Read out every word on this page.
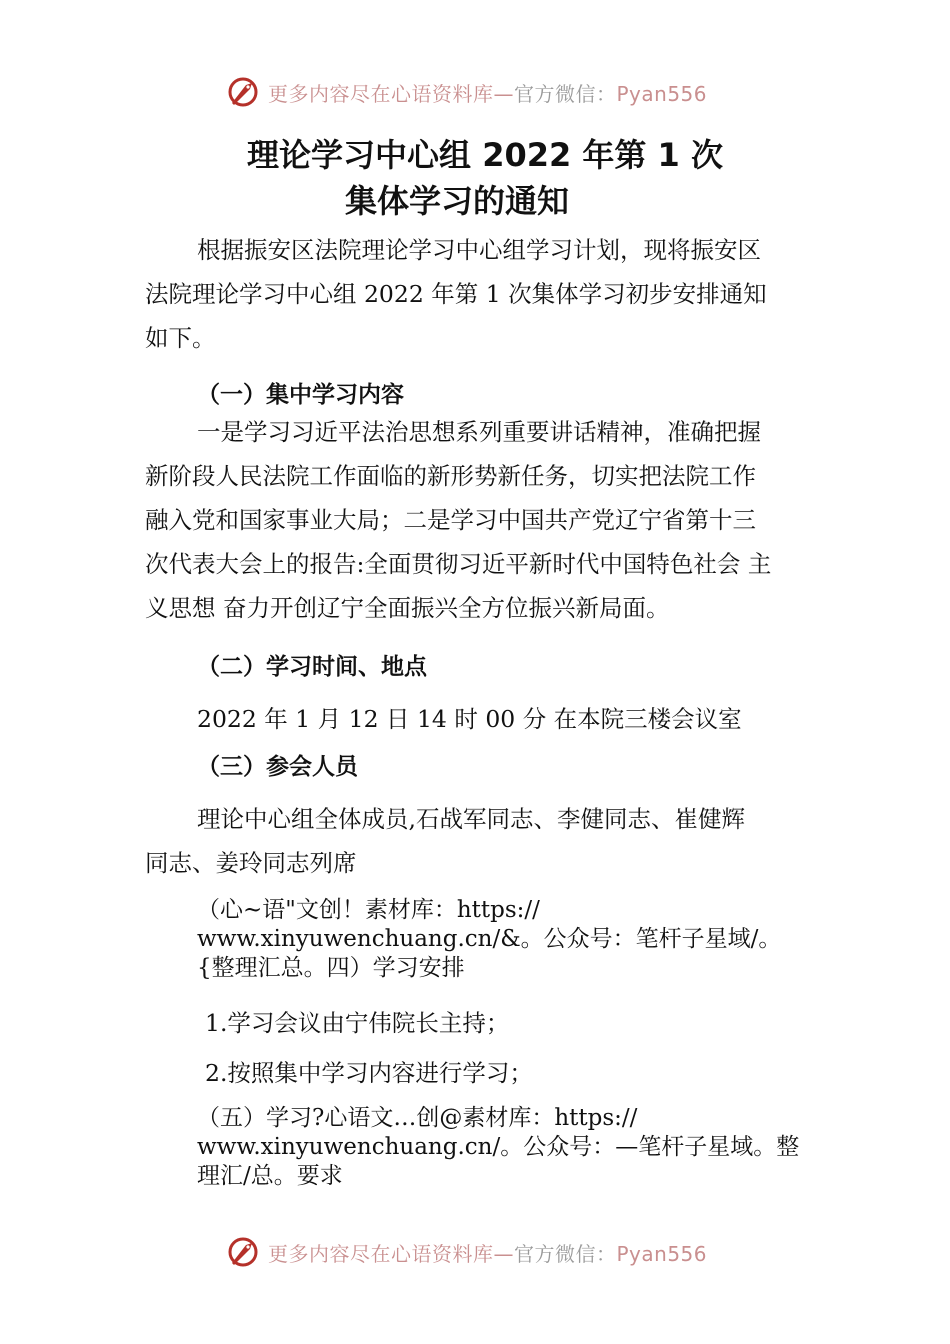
更多内容尽在心语资料库—官方微信：Pyan556
理论学习中心组 2022 年第 1 次
集体学习的通知
根据振安区法院理论学习中心组学习计划，现将振安区
法院理论学习中心组 2022 年第 1 次集体学习初步安排通知
如下。
（一）集中学习内容
一是学习习近平法治思想系列重要讲话精神，准确把握
新阶段人民法院工作面临的新形势新任务，切实把法院工作
融入党和国家事业大局；二是学习中国共产党辽宁省第十三
次代表大会上的报告:全面贯彻习近平新时代中国特色社会 主
义思想 奋力开创辽宁全面振兴全方位振兴新局面。
（二）学习时间、地点
2022 年 1 月 12 日 14 时 00 分 在本院三楼会议室
（三）参会人员
理论中心组全体成员,石战军同志、李健同志、崔健辉
同志、姜玲同志列席
（心~语"文创！素材库：https://
www.xinyuwenchuang.cn/&。公众号：笔杆子星域/。
{整理汇总。四）学习安排
1.学习会议由宁伟院长主持；
2.按照集中学习内容进行学习；
（五）学习?心语文…创@素材库：https://
www.xinyuwenchuang.cn/。公众号：—笔杆子星域。整
理汇/总。要求
更多内容尽在心语资料库—官方微信：Pyan556
